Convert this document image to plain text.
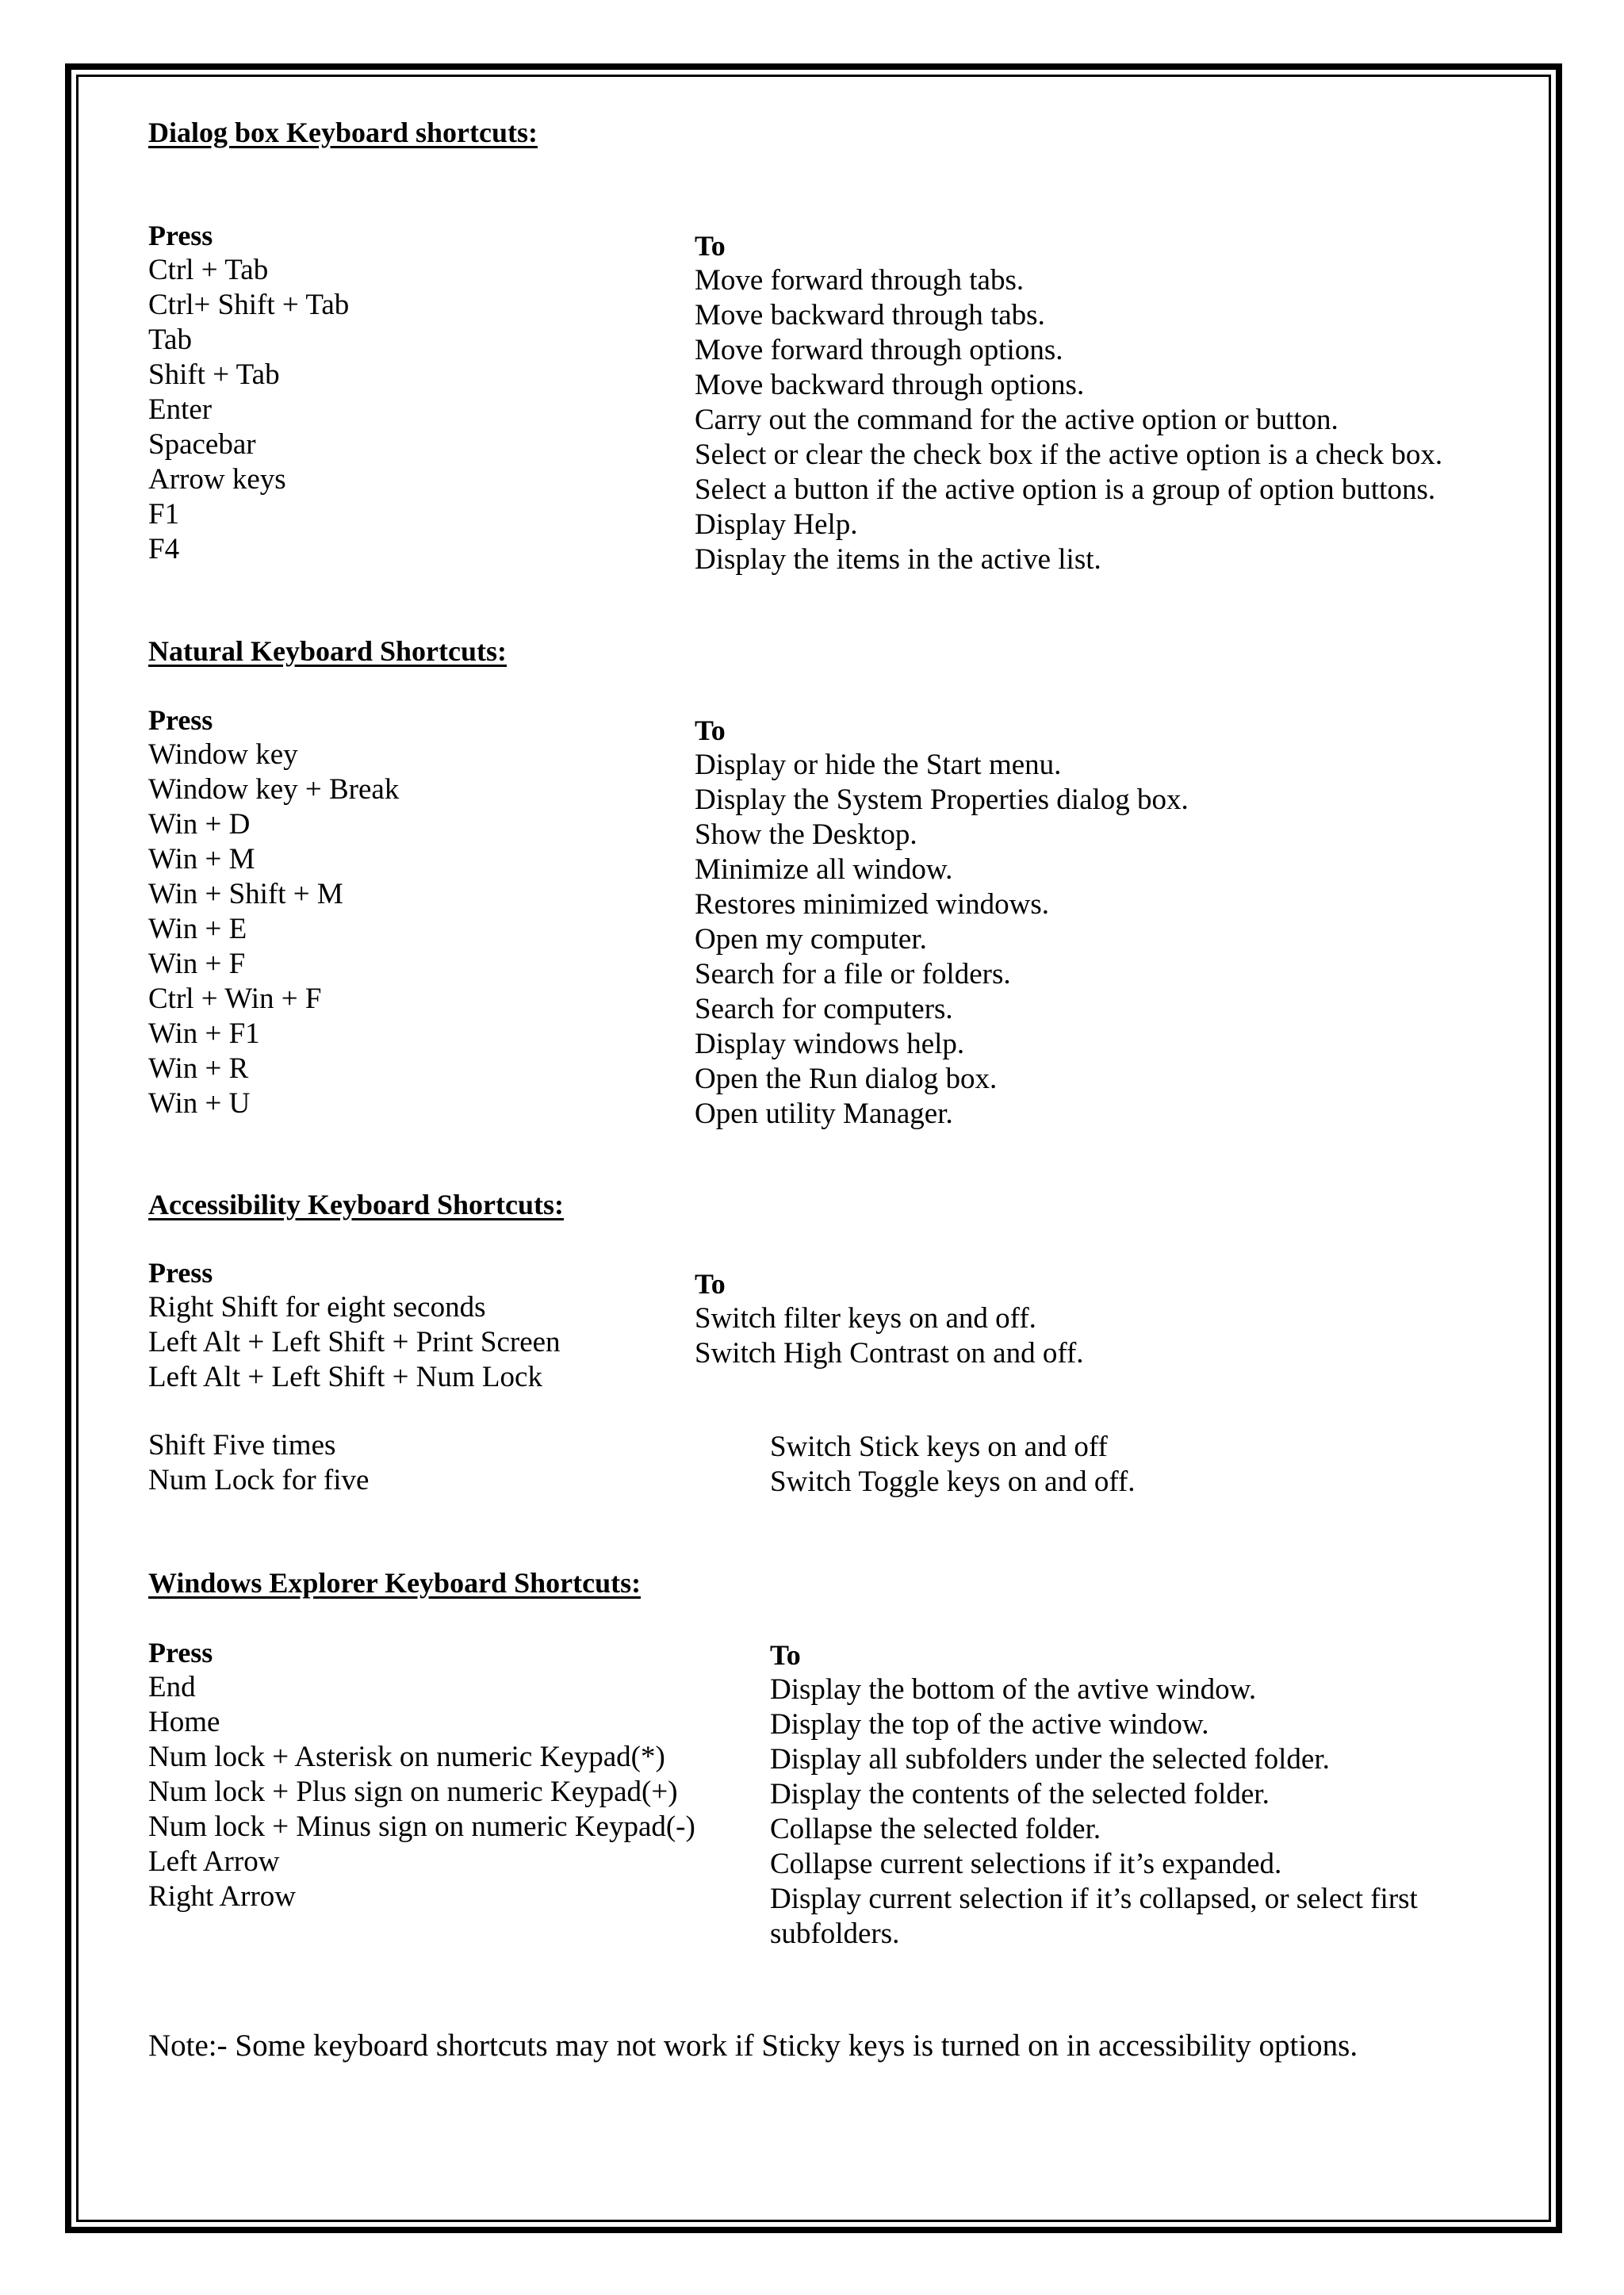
Dialog box Keyboard shortcuts:
Press
Ctrl + Tab
Ctrl+ Shift + Tab
Tab
Shift + Tab
Enter
Spacebar
Arrow keys
F1
F4
To
Move forward through tabs.
Move backward through tabs.
Move forward through options.
Move backward through options.
Carry out the command for the active option or button.
Select or clear the check box if the active option is a check box.
Select a button if the active option is a group of option buttons.
Display Help.
Display the items in the active list.
Natural Keyboard Shortcuts:
Press
Window key
Window key + Break
Win + D
Win + M
Win + Shift + M
Win + E
Win + F
Ctrl + Win + F
Win + F1
Win + R
Win + U
To
Display or hide the Start menu.
Display the System Properties dialog box.
Show the Desktop.
Minimize all window.
Restores minimized windows.
Open my computer.
Search for a file or folders.
Search for computers.
Display windows help.
Open the Run dialog box.
Open utility Manager.
Accessibility Keyboard Shortcuts:
Press
Right Shift for eight seconds
Left Alt + Left Shift + Print Screen
Left Alt + Left Shift + Num Lock
To
Switch filter keys on and off.
Switch High Contrast on and off.
Shift Five times
Num Lock for five
Switch Stick keys on and off
Switch Toggle keys on and off.
Windows Explorer Keyboard Shortcuts:
Press
End
Home
Num lock + Asterisk on numeric Keypad(*)
Num lock + Plus sign on numeric Keypad(+)
Num lock + Minus sign on numeric Keypad(-)
Left Arrow
Right Arrow
To
Display the bottom of the avtive window.
Display the top of the active window.
Display all subfolders under the selected folder.
Display the contents of the selected folder.
Collapse the selected folder.
Collapse current selections if it’s expanded.
Display current selection if it’s collapsed, or select first subfolders.

Note:- Some keyboard shortcuts may not work if Sticky keys is turned on in accessibility options.
